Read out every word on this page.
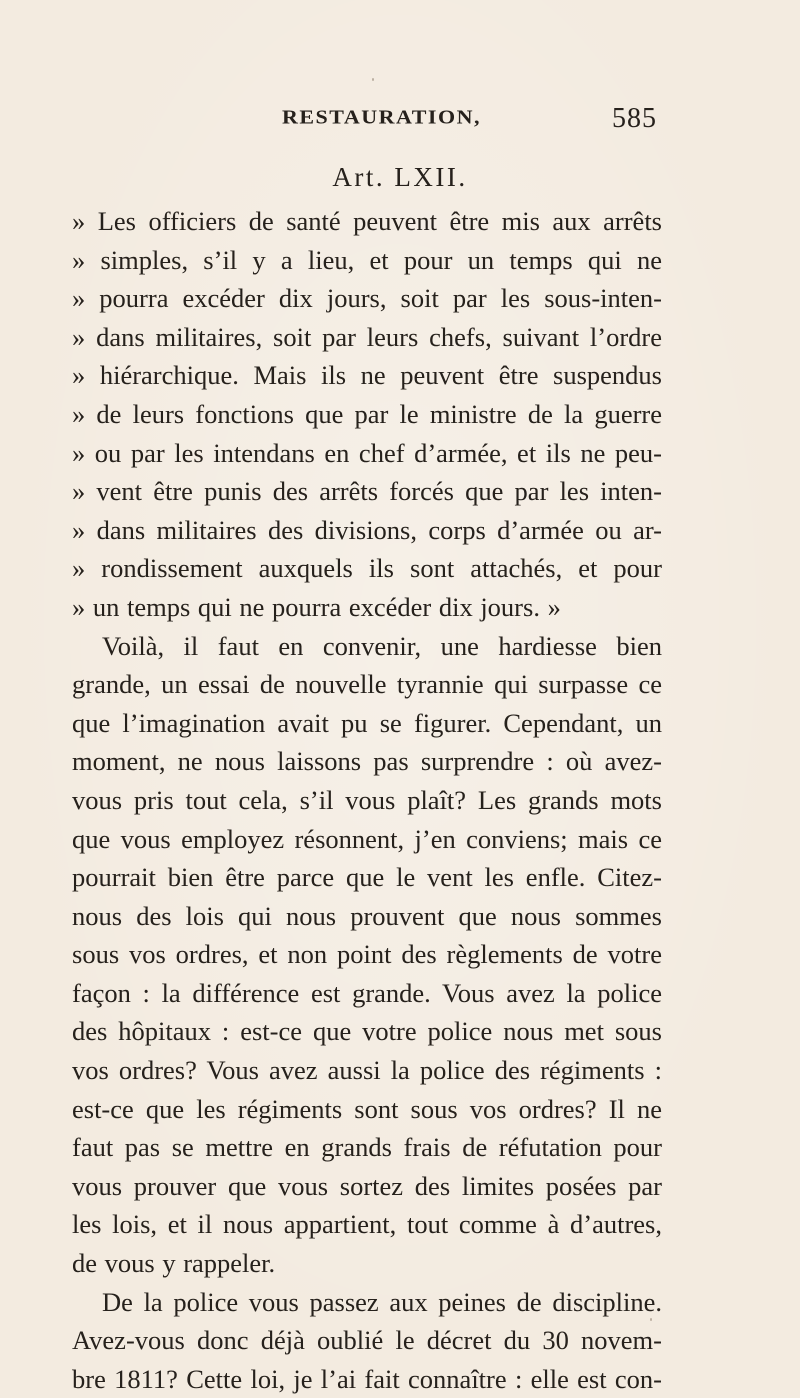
RESTAURATION,	585
Art. LXII.
» Les officiers de santé peuvent être mis aux arrêts
» simples, s’il y a lieu, et pour un temps qui ne
» pourra excéder dix jours, soit par les sous-inten-
» dans militaires, soit par leurs chefs, suivant l’ordre
» hiérarchique. Mais ils ne peuvent être suspendus
» de leurs fonctions que par le ministre de la guerre
» ou par les intendans en chef d’armée, et ils ne peu-
» vent être punis des arrêts forcés que par les inten-
» dans militaires des divisions, corps d’armée ou ar-
» rondissement auxquels ils sont attachés, et pour
» un temps qui ne pourra excéder dix jours. »
Voilà, il faut en convenir, une hardiesse bien
grande, un essai de nouvelle tyrannie qui surpasse ce
que l’imagination avait pu se figurer. Cependant, un
moment, ne nous laissons pas surprendre : où avez-
vous pris tout cela, s’il vous plaît? Les grands mots
que vous employez résonnent, j’en conviens; mais ce
pourrait bien être parce que le vent les enfle. Citez-
nous des lois qui nous prouvent que nous sommes
sous vos ordres, et non point des règlements de votre
façon : la différence est grande. Vous avez la police
des hôpitaux : est-ce que votre police nous met sous
vos ordres? Vous avez aussi la police des régiments :
est-ce que les régiments sont sous vos ordres? Il ne
faut pas se mettre en grands frais de réfutation pour
vous prouver que vous sortez des limites posées par
les lois, et il nous appartient, tout comme à d’autres,
de vous y rappeler.
De la police vous passez aux peines de discipline.
Avez-vous donc déjà oublié le décret du 30 novem-
bre 1811? Cette loi, je l’ai fait connaître : elle est con-
